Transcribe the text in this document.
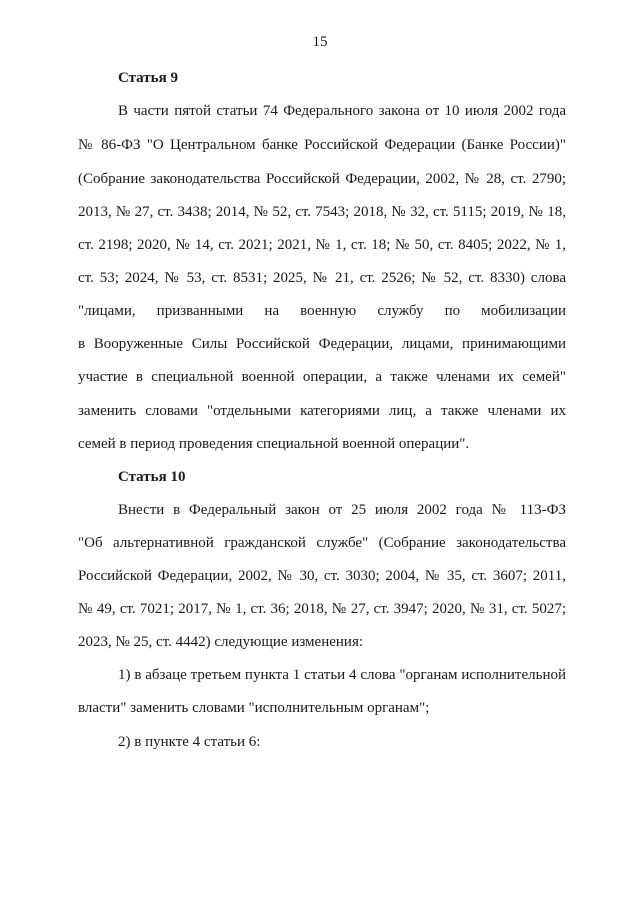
15
Статья 9
В части пятой статьи 74 Федерального закона от 10 июля 2002 года
№ 86-ФЗ "О Центральном банке Российской Федерации (Банке России)"
(Собрание законодательства Российской Федерации, 2002, № 28, ст. 2790;
2013, № 27, ст. 3438; 2014, № 52, ст. 7543; 2018, № 32, ст. 5115; 2019, № 18,
ст. 2198; 2020, № 14, ст. 2021; 2021, № 1, ст. 18; № 50, ст. 8405; 2022, № 1,
ст. 53; 2024, № 53, ст. 8531; 2025, № 21, ст. 2526; № 52, ст. 8330) слова
"лицами, призванными на военную службу по мобилизации
в Вооруженные Силы Российской Федерации, лицами, принимающими
участие в специальной военной операции, а также членами их семей"
заменить словами "отдельными категориями лиц, а также членами их
семей в период проведения специальной военной операции".
Статья 10
Внести в Федеральный закон от 25 июля 2002 года № 113-ФЗ
"Об альтернативной гражданской службе" (Собрание законодательства
Российской Федерации, 2002, № 30, ст. 3030; 2004, № 35, ст. 3607; 2011,
№ 49, ст. 7021; 2017, № 1, ст. 36; 2018, № 27, ст. 3947; 2020, № 31, ст. 5027;
2023, № 25, ст. 4442) следующие изменения:
1) в абзаце третьем пункта 1 статьи 4 слова "органам исполнительной
власти" заменить словами "исполнительным органам";
2) в пункте 4 статьи 6:
